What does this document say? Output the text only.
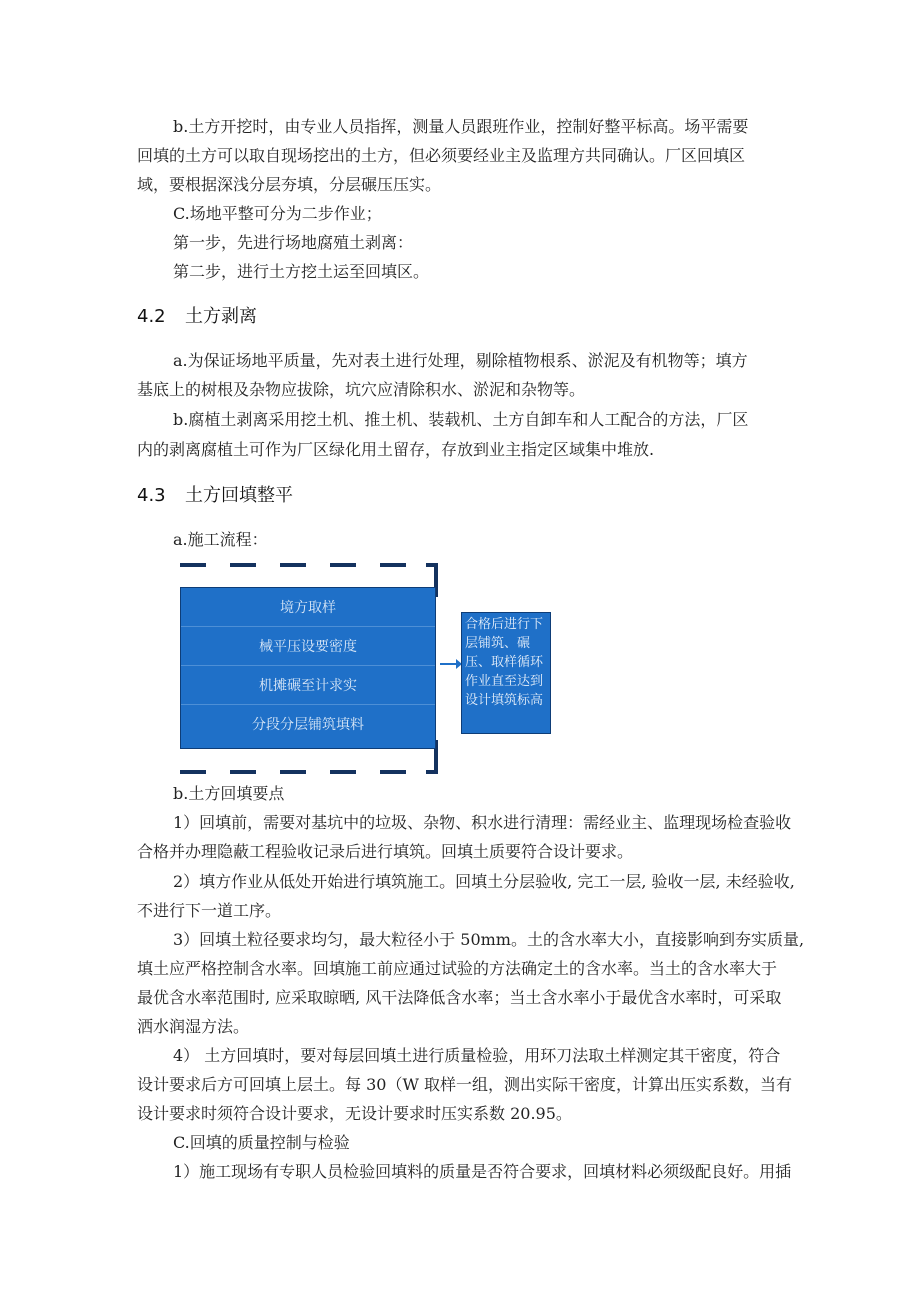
b.土方开挖时，由专业人员指挥，测量人员跟班作业，控制好整平标高。场平需要
回填的土方可以取自现场挖出的土方，但必须要经业主及监理方共同确认。厂区回填区
域，要根据深浅分层夯填，分层碾压压实。
C.场地平整可分为二步作业；
第一步，先进行场地腐殖土剥离：
第二步，进行土方挖土运至回填区。
4.2 土方剥离
a.为保证场地平质量，先对表土进行处理，剔除植物根系、淤泥及有机物等；填方
基底上的树根及杂物应拔除，坑穴应清除积水、淤泥和杂物等。
b.腐植土剥离采用挖土机、推土机、装载机、土方自卸车和人工配合的方法，厂区
内的剥离腐植土可作为厂区绿化用土留存，存放到业主指定区域集中堆放.
4.3 土方回填整平
a.施工流程：
境方取样
械平压设要密度
机摊碾至计求实
分段分层铺筑填料
合格后进行下层铺筑、碾压、取样循环作业直至达到设计填筑标高
b.土方回填要点
1）回填前，需要对基坑中的垃圾、杂物、积水进行清理：需经业主、监理现场检查验收
合格并办理隐蔽工程验收记录后进行填筑。回填土质要符合设计要求。
2）填方作业从低处开始进行填筑施工。回填土分层验收, 完工一层, 验收一层, 未经验收,
不进行下一道工序。
3）回填土粒径要求均匀，最大粒径小于 50mm。土的含水率大小，直接影响到夯实质量,
填土应严格控制含水率。回填施工前应通过试验的方法确定土的含水率。当土的含水率大于
最优含水率范围时, 应采取晾晒, 风干法降低含水率；当土含水率小于最优含水率时，可采取
洒水润湿方法。
4） 土方回填时，要对每层回填土进行质量检验，用环刀法取土样测定其干密度，符合
设计要求后方可回填上层土。每 30（W 取样一组，测出实际干密度，计算出压实系数，当有
设计要求时须符合设计要求，无设计要求时压实系数 20.95。
C.回填的质量控制与检验
1）施工现场有专职人员检验回填料的质量是否符合要求，回填材料必须级配良好。用插
